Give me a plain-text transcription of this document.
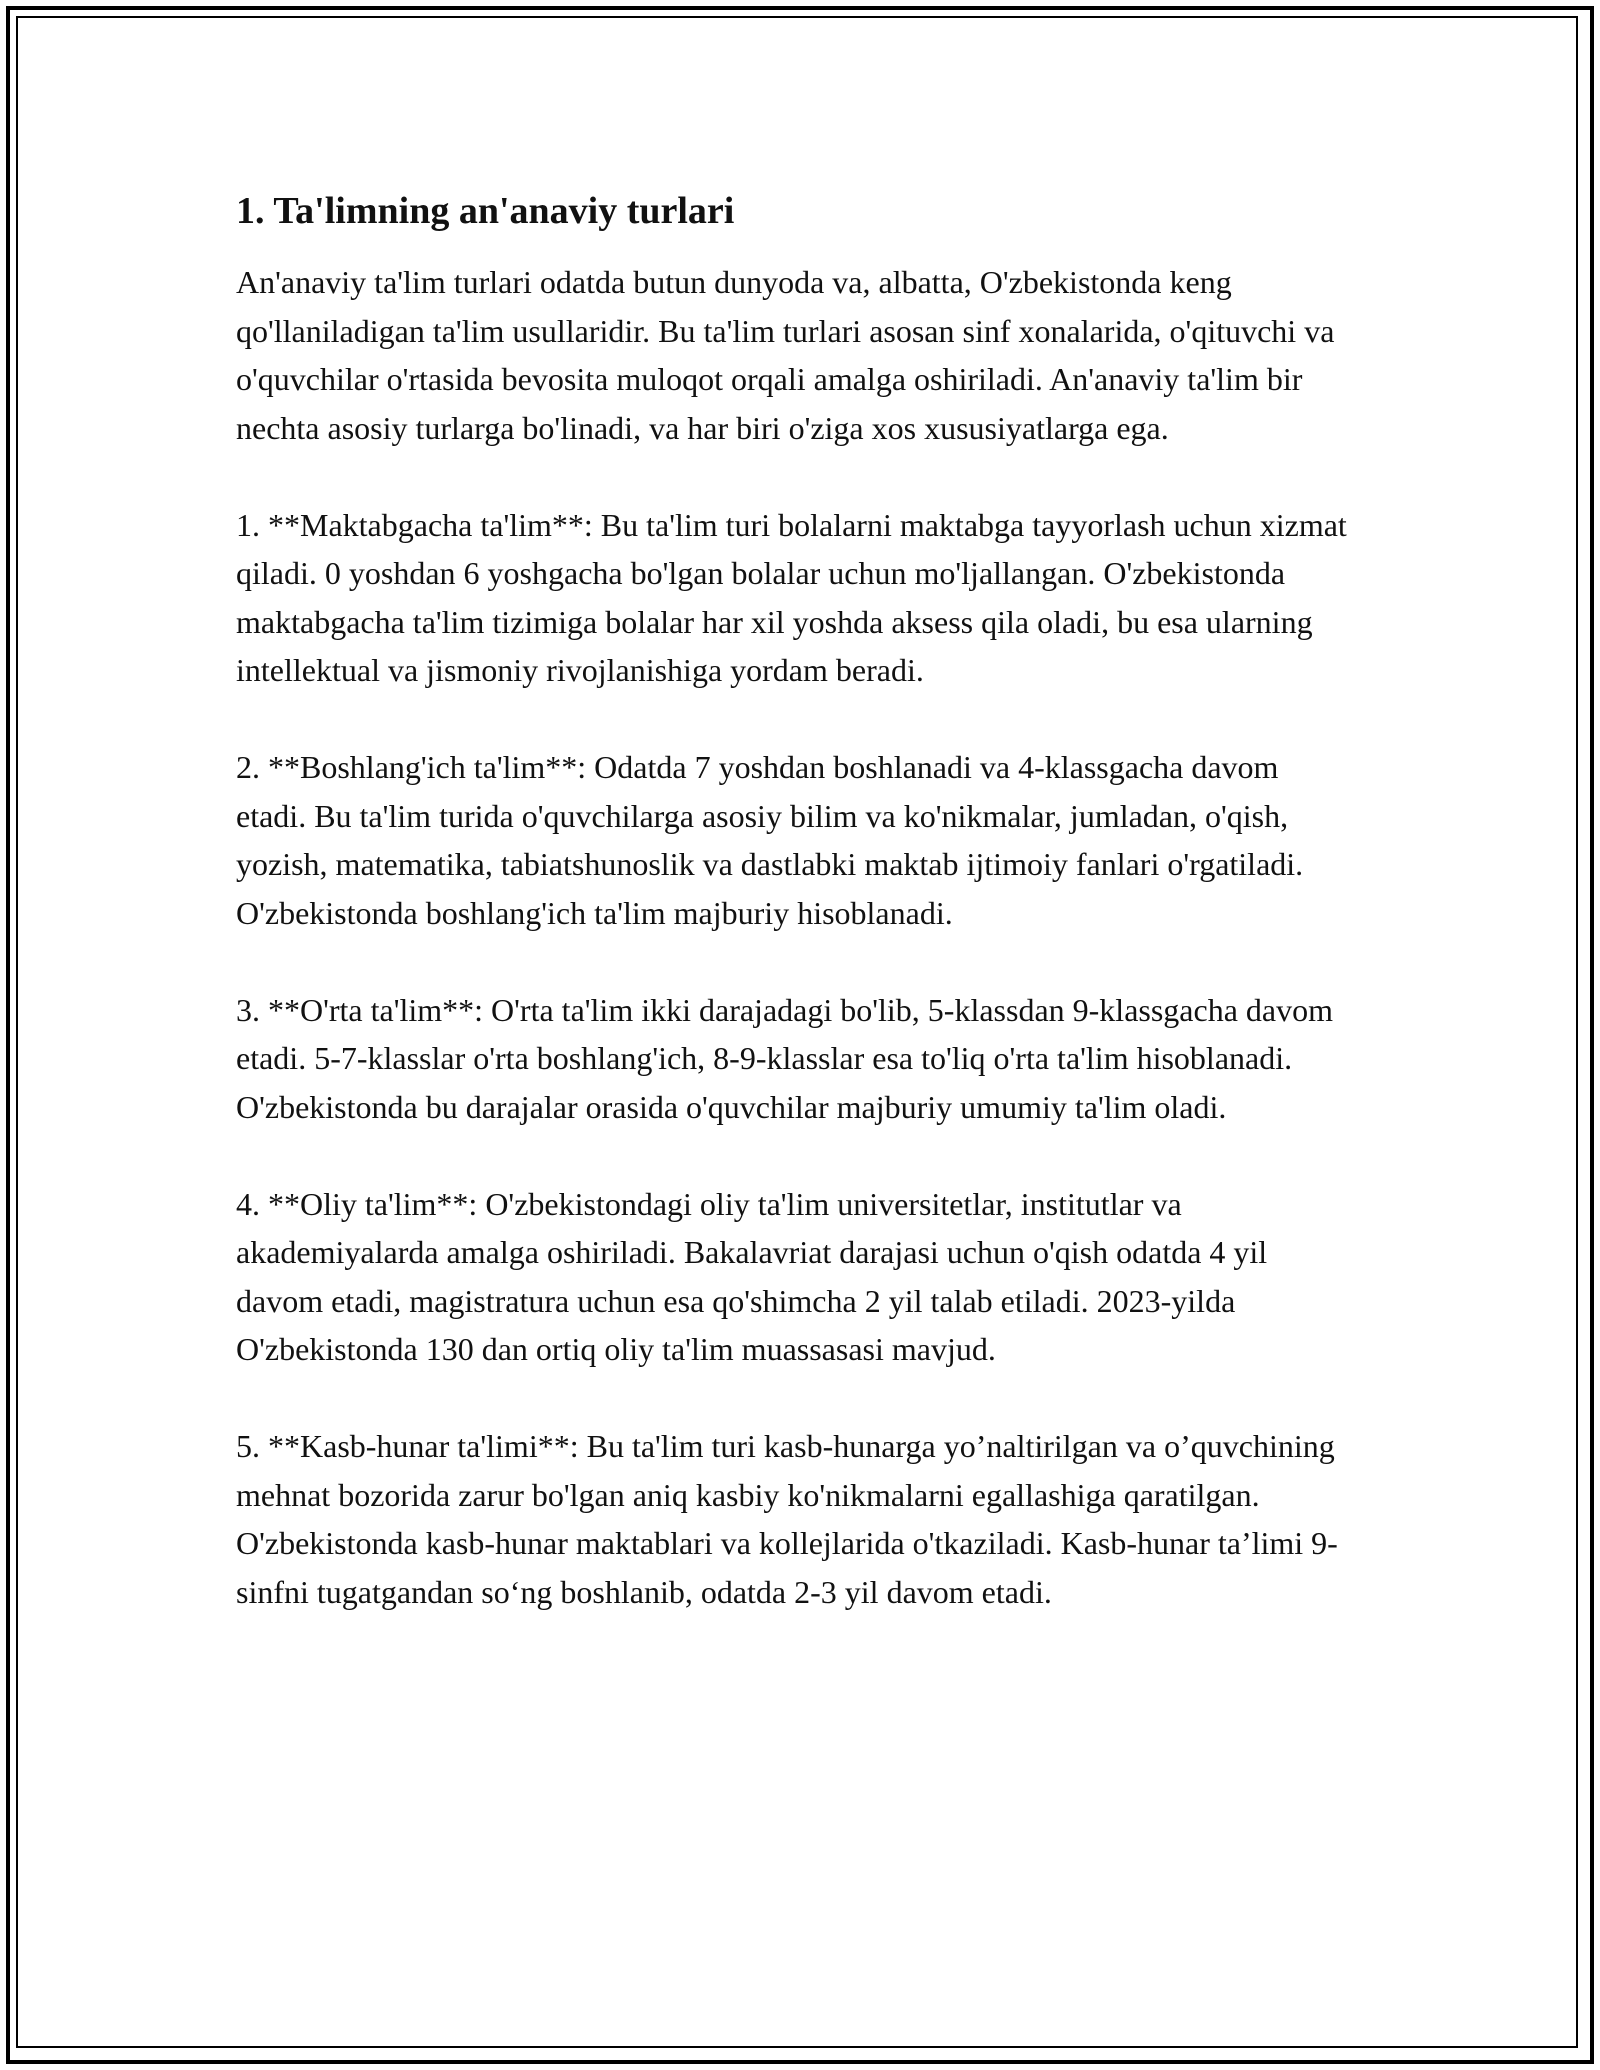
1. Ta'limning an'anaviy turlari

An'anaviy ta'lim turlari odatda butun dunyoda va, albatta, O'zbekistonda keng qo'llaniladigan ta'lim usullaridir. Bu ta'lim turlari asosan sinf xonalarida, o'qituvchi va o'quvchilar o'rtasida bevosita muloqot orqali amalga oshiriladi. An'anaviy ta'lim bir nechta asosiy turlarga bo'linadi, va har biri o'ziga xos xususiyatlarga ega.

1. **Maktabgacha ta'lim**: Bu ta'lim turi bolalarni maktabga tayyorlash uchun xizmat qiladi. 0 yoshdan 6 yoshgacha bo'lgan bolalar uchun mo'ljallangan. O'zbekistonda maktabgacha ta'lim tizimiga bolalar har xil yoshda aksess qila oladi, bu esa ularning intellektual va jismoniy rivojlanishiga yordam beradi.

2. **Boshlang'ich ta'lim**: Odatda 7 yoshdan boshlanadi va 4-klassgacha davom etadi. Bu ta'lim turida o'quvchilarga asosiy bilim va ko'nikmalar, jumladan, o'qish, yozish, matematika, tabiatshunoslik va dastlabki maktab ijtimoiy fanlari o'rgatiladi. O'zbekistonda boshlang'ich ta'lim majburiy hisoblanadi.

3. **O'rta ta'lim**: O'rta ta'lim ikki darajadagi bo'lib, 5-klassdan 9-klassgacha davom etadi. 5-7-klasslar o'rta boshlang'ich, 8-9-klasslar esa to'liq o'rta ta'lim hisoblanadi. O'zbekistonda bu darajalar orasida o'quvchilar majburiy umumiy ta'lim oladi.

4. **Oliy ta'lim**: O'zbekistondagi oliy ta'lim universitetlar, institutlar va akademiyalarda amalga oshiriladi. Bakalavriat darajasi uchun o'qish odatda 4 yil davom etadi, magistratura uchun esa qo'shimcha 2 yil talab etiladi. 2023-yilda O'zbekistonda 130 dan ortiq oliy ta'lim muassasasi mavjud.

5. **Kasb-hunar ta'limi**: Bu ta'lim turi kasb-hunarga yo’naltirilgan va o’quvchining mehnat bozorida zarur bo'lgan aniq kasbiy ko'nikmalarni egallashiga qaratilgan. O'zbekistonda kasb-hunar maktablari va kollejlarida o'tkaziladi. Kasb-hunar ta’limi 9-sinfni tugatgandan so‘ng boshlanib, odatda 2-3 yil davom etadi.
